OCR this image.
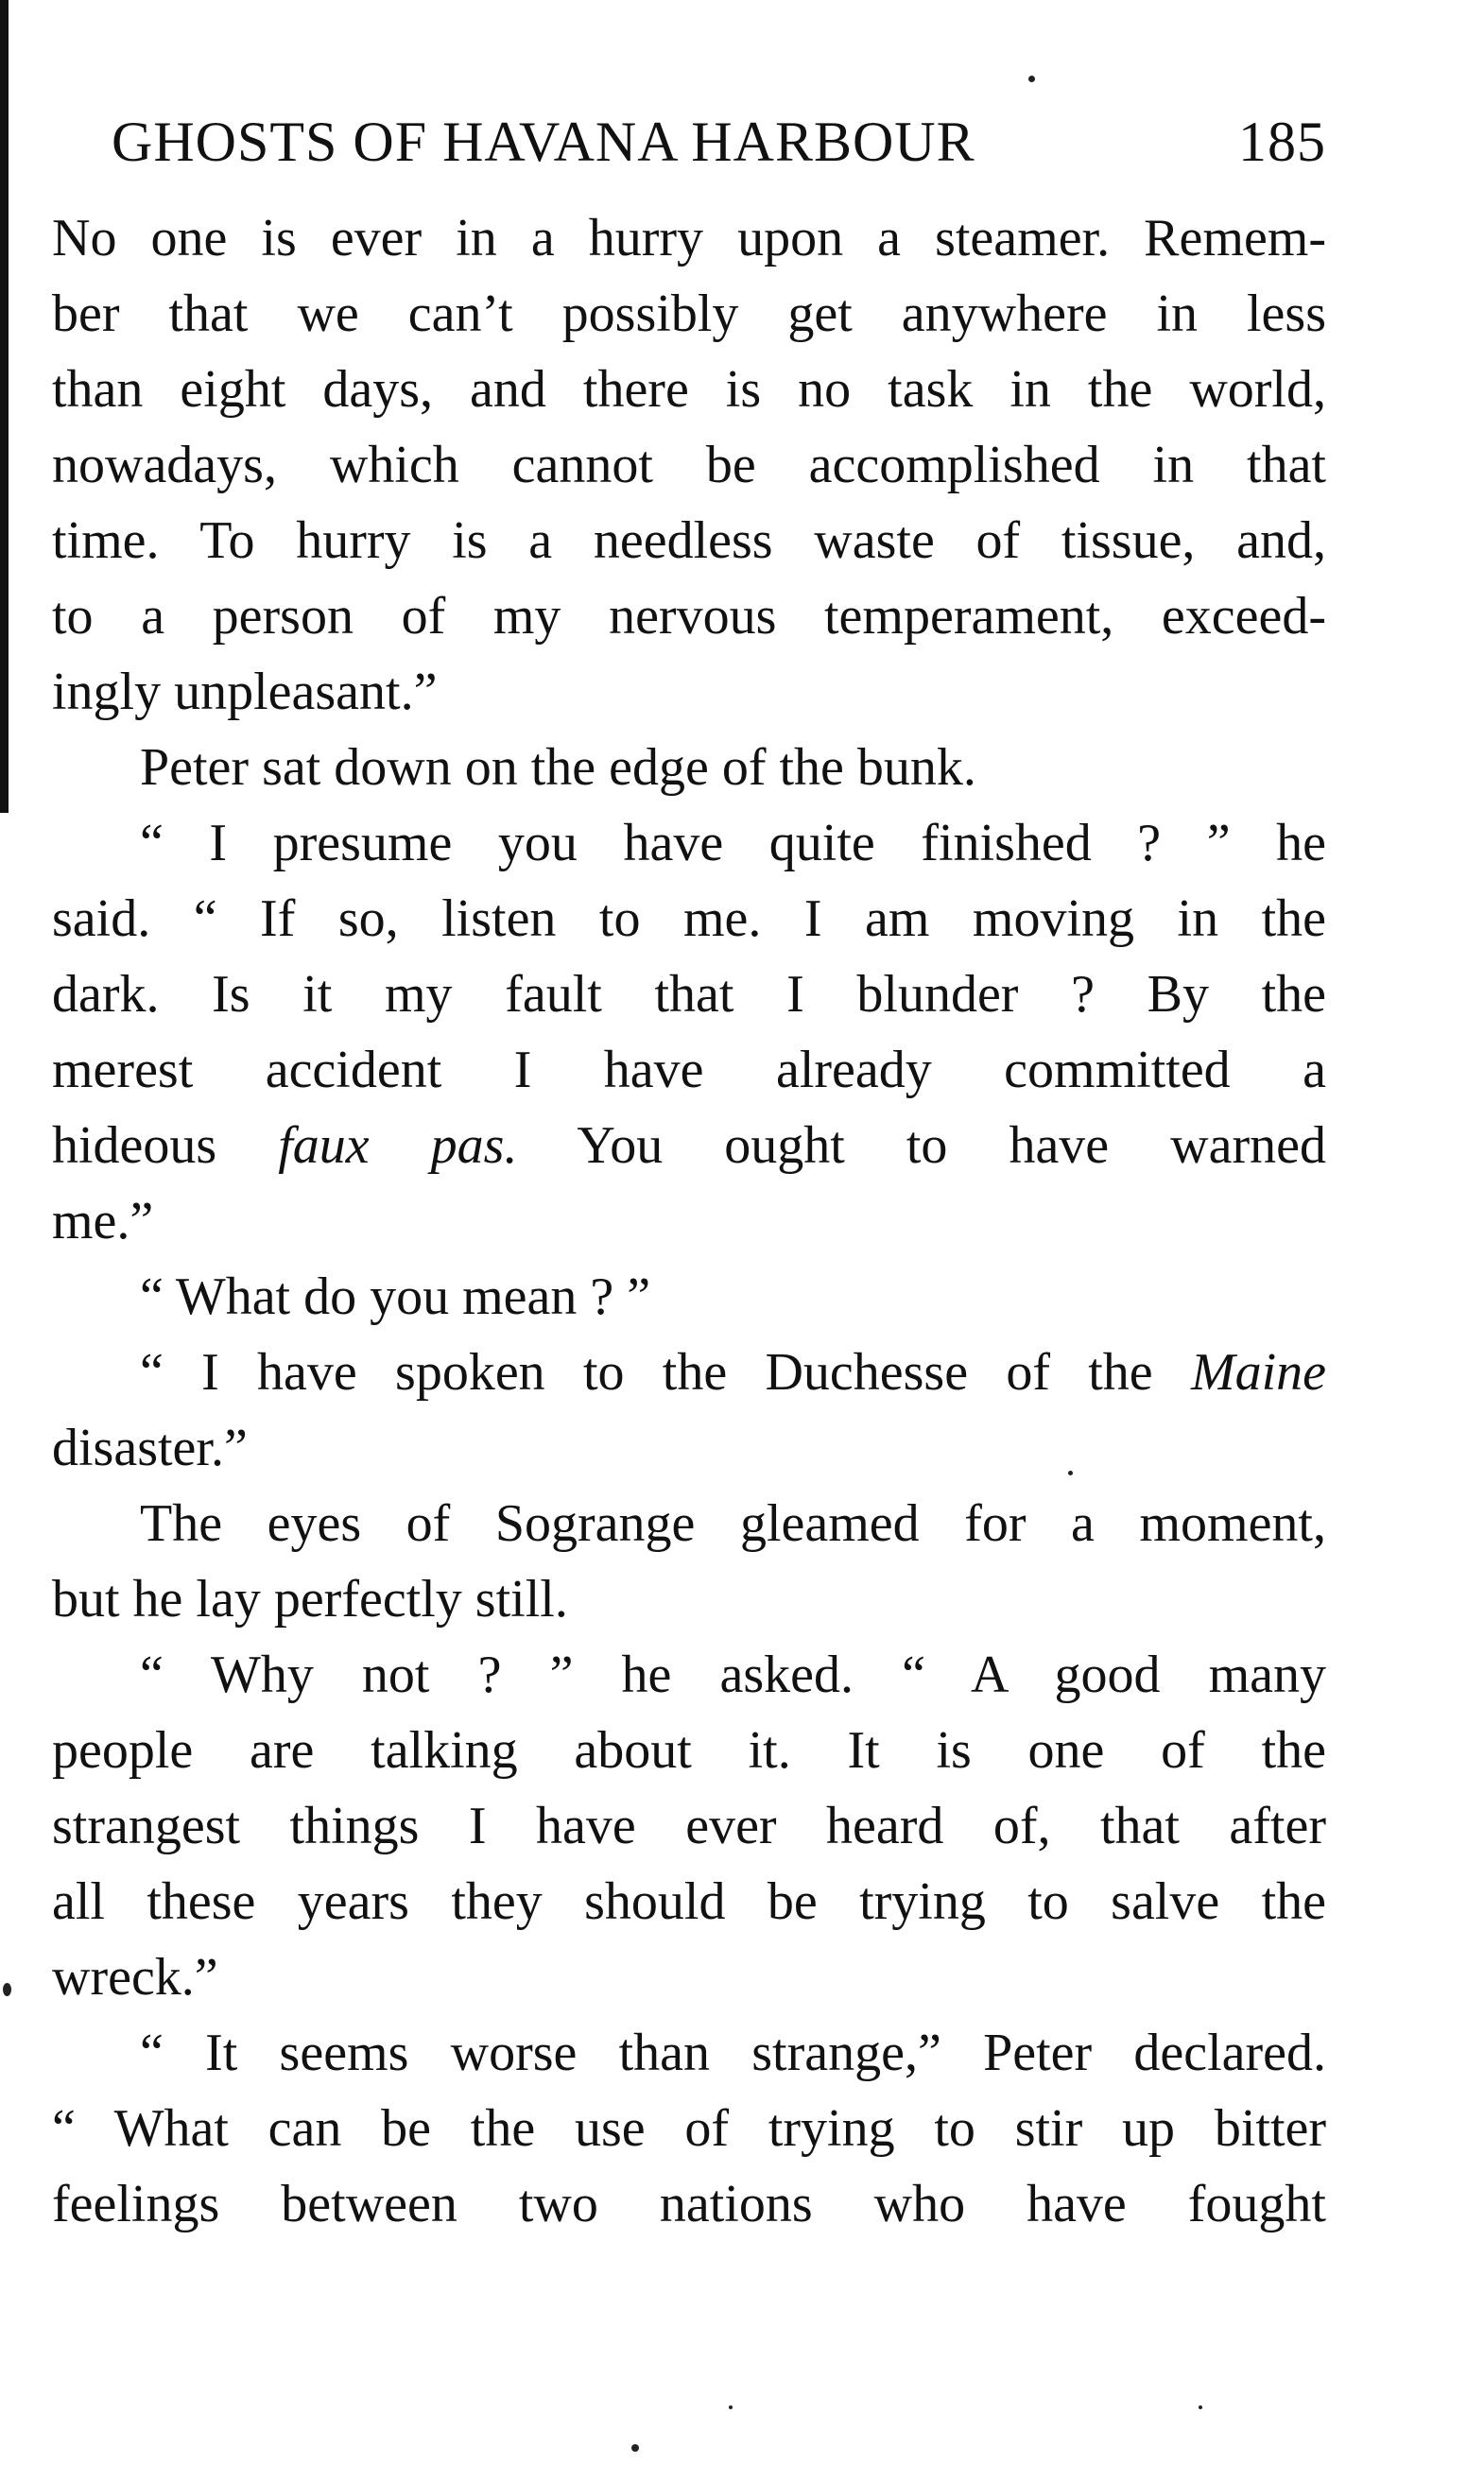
GHOSTS OF HAVANA HARBOUR	185
No one is ever in a hurry upon a steamer. Remem-
ber that we can’t possibly get anywhere in less
than eight days, and there is no task in the world,
nowadays, which cannot be accomplished in that
time. To hurry is a needless waste of tissue, and,
to a person of my nervous temperament, exceed-
ingly unpleasant.”
Peter sat down on the edge of the bunk.
“ I presume you have quite finished ? ” he
said. “ If so, listen to me. I am moving in the
dark. Is it my fault that I blunder ? By the
merest accident I have already committed a
hideous faux pas. You ought to have warned
me.”
“ What do you mean ? ”
“ I have spoken to the Duchesse of the Maine
disaster.”
The eyes of Sogrange gleamed for a moment,
but he lay perfectly still.
“ Why not ? ” he asked. “ A good many
people are talking about it. It is one of the
strangest things I have ever heard of, that after
all these years they should be trying to salve the
wreck.”
“ It seems worse than strange,” Peter declared.
“ What can be the use of trying to stir up bitter
feelings between two nations who have fought
